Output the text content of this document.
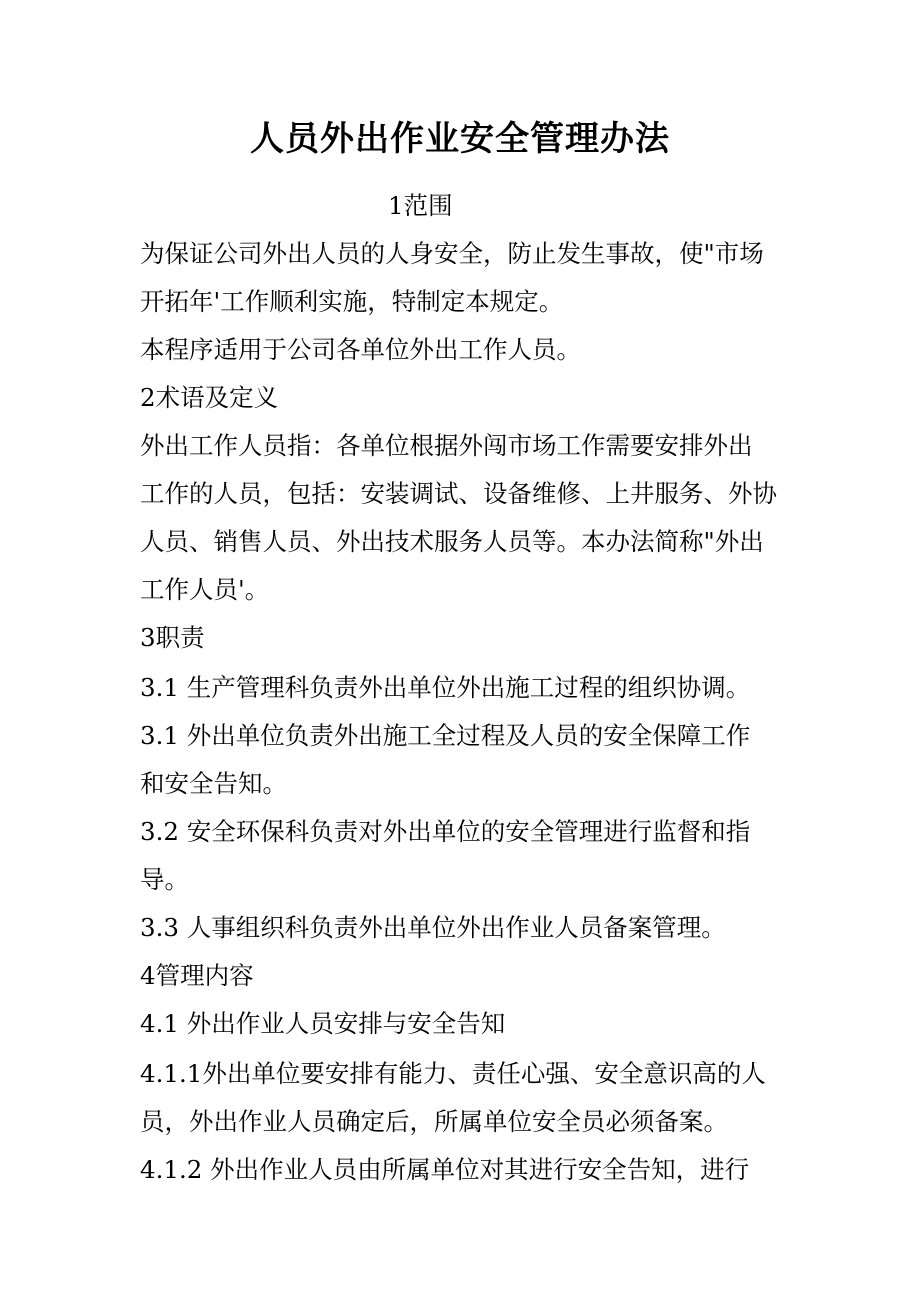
人员外出作业安全管理办法
1范围
为保证公司外出人员的人身安全，防止发生事故，使"市场
开拓年'工作顺利实施，特制定本规定。
本程序适用于公司各单位外出工作人员。
2术语及定义
外出工作人员指：各单位根据外闯市场工作需要安排外出
工作的人员，包括：安装调试、设备维修、上井服务、外协
人员、销售人员、外出技术服务人员等。本办法简称"外出
工作人员'。
3职责
3.1 生产管理科负责外出单位外出施工过程的组织协调。
3.1 外出单位负责外出施工全过程及人员的安全保障工作
和安全告知。
3.2 安全环保科负责对外出单位的安全管理进行监督和指
导。
3.3 人事组织科负责外出单位外出作业人员备案管理。
4管理内容
4.1 外出作业人员安排与安全告知
4.1.1外出单位要安排有能力、责任心强、安全意识高的人
员，外出作业人员确定后，所属单位安全员必须备案。
4.1.2 外出作业人员由所属单位对其进行安全告知，进行
